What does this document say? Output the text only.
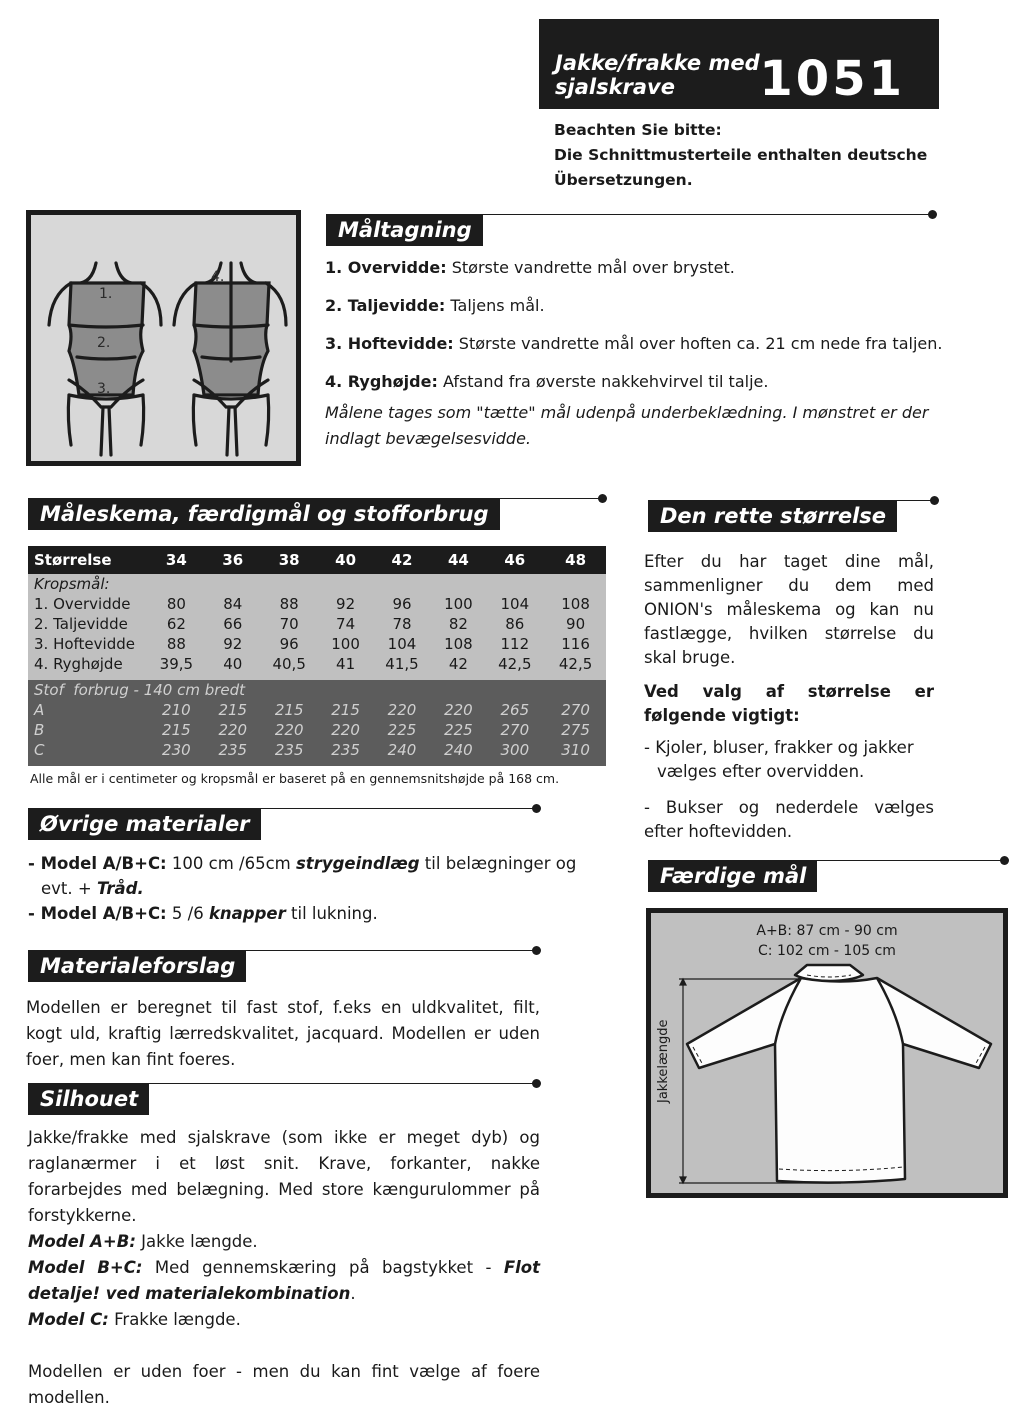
Jakke/frakke med
sjalskrave	1051
Beachten Sie bitte:
Die Schnittmusterteile enthalten deutsche
Übersetzungen.
1.
2.
3.
4.
Måltagning
1. Overvidde: Største vandrette mål over brystet.
2. Taljevidde: Taljens mål.
3. Hoftevidde: Største vandrette mål over hoften ca. 21 cm nede fra taljen.
4. Ryghøjde: Afstand fra øverste nakkehvirvel til talje.
Målene tages som "tætte" mål udenpå underbeklædning. I mønstret er der indlagt bevægelsesvidde.
Måleskema, færdigmål og stofforbrug
Størrelse	34	36	38	40	42	44	46	48
Kropsmål:								
1. Overvidde	80	84	88	92	96	100	104	108
2. Taljevidde	62	66	70	74	78	82	86	90
3. Hoftevidde	88	92	96	100	104	108	112	116
4. Ryghøjde	39,5	40	40,5	41	41,5	42	42,5	42,5

Stof  forbrug - 140 cm bredt								
A	210	215	215	215	220	220	265	270
B	215	220	220	220	225	225	270	275
C	230	235	235	235	240	240	300	310
Alle mål er i centimeter og kropsmål er baseret på en gennemsnitshøjde på 168 cm.
Øvrige materialer
- Model A/B+C: 100 cm /65cm strygeindlæg til belægninger og
evt. + Tråd.
- Model A/B+C: 5 /6 knapper til lukning.
Materialeforslag
Modellen er beregnet til fast stof, f.eks en uldkvalitet, filt, kogt uld, kraftig lærredskvalitet, jacquard. Modellen er uden foer, men kan fint foeres.
Silhouet
Jakke/frakke med sjalskrave (som ikke er meget dyb) og raglanærmer i et løst snit. Krave, forkanter, nakke forarbejdes med belægning. Med store kængurulommer på forstykkerne.
Model A+B: Jakke længde.
Model B+C: Med gennemskæring på bagstykket - Flot detalje! ved materialekombination.
Model C: Frakke længde.
Modellen er uden foer - men du kan fint vælge af foere modellen.
Den rette størrelse
Efter du har taget dine mål, sammenligner du dem med ONION's måleskema og kan nu fastlægge, hvilken størrelse du skal bruge.
Ved valg af størrelse er følgende vigtigt:
- Kjoler, bluser, frakker og jakker vælges efter overvidden.
- Bukser og nederdele vælges efter hoftevidden.
Færdige mål
A+B: 87 cm - 90 cm
C: 102 cm - 105 cm
Jakkelængde
